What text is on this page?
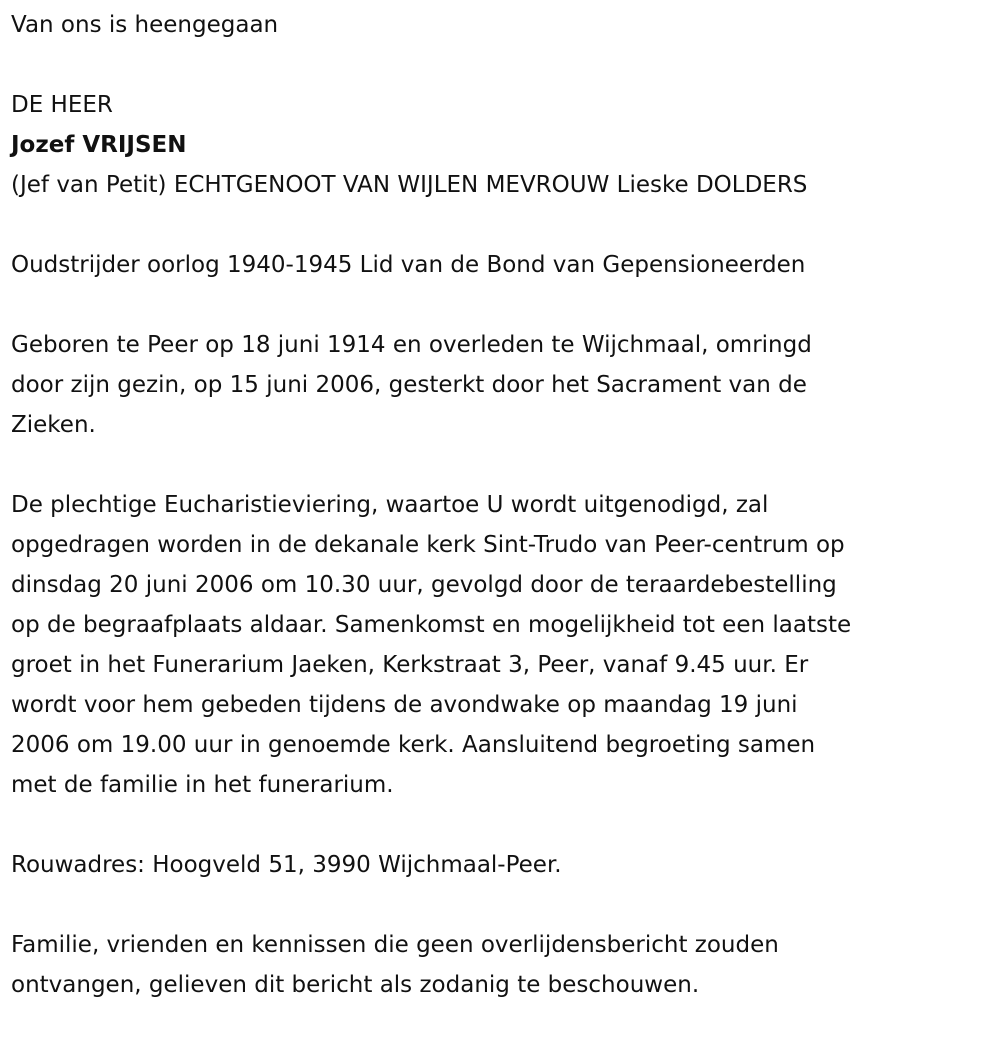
Van ons is heengegaan

DE HEER

Jozef VRIJSEN

(Jef van Petit) ECHTGENOOT VAN WIJLEN MEVROUW Lieske DOLDERS

Oudstrijder oorlog 1940-1945 Lid van de Bond van Gepensioneerden

Geboren te Peer op 18 juni 1914 en overleden te Wijchmaal, omringd
door zijn gezin, op 15 juni 2006, gesterkt door het Sacrament van de
Zieken.
De plechtige Eucharistieviering, waartoe U wordt uitgenodigd, zal
opgedragen worden in de dekanale kerk Sint-Trudo van Peer-centrum op
dinsdag 20 juni 2006 om 10.30 uur, gevolgd door de teraardebestelling
op de begraafplaats aldaar. Samenkomst en mogelijkheid tot een laatste
groet in het Funerarium Jaeken, Kerkstraat 3, Peer, vanaf 9.45 uur. Er
wordt voor hem gebeden tijdens de avondwake op maandag 19 juni
2006 om 19.00 uur in genoemde kerk. Aansluitend begroeting samen
met de familie in het funerarium.

Rouwadres: Hoogveld 51, 3990 Wijchmaal-Peer.

Familie, vrienden en kennissen die geen overlijdensbericht zouden
ontvangen, gelieven dit bericht als zodanig te beschouwen.
